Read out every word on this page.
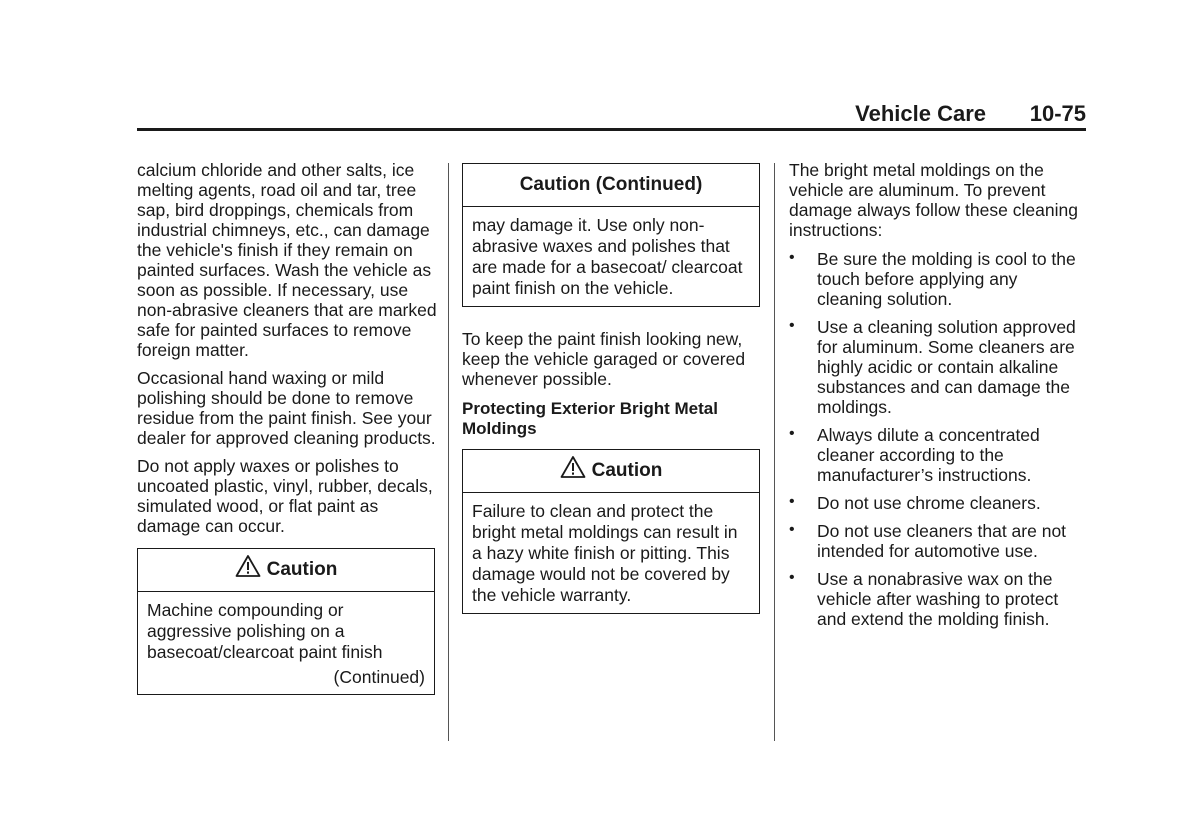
Vehicle Care 10-75

calcium chloride and other salts, ice melting agents, road oil and tar, tree sap, bird droppings, chemicals from industrial chimneys, etc., can damage the vehicle's finish if they remain on painted surfaces. Wash the vehicle as soon as possible. If necessary, use non-abrasive cleaners that are marked safe for painted surfaces to remove foreign matter.

Occasional hand waxing or mild polishing should be done to remove residue from the paint finish. See your dealer for approved cleaning products.

Do not apply waxes or polishes to uncoated plastic, vinyl, rubber, decals, simulated wood, or flat paint as damage can occur.

Caution
Machine compounding or aggressive polishing on a basecoat/clearcoat paint finish
(Continued)
Caution (Continued)
may damage it. Use only non-abrasive waxes and polishes that are made for a basecoat/ clearcoat paint finish on the vehicle.

To keep the paint finish looking new, keep the vehicle garaged or covered whenever possible.

Protecting Exterior Bright Metal Moldings
Caution
Failure to clean and protect the bright metal moldings can result in a hazy white finish or pitting. This damage would not be covered by the vehicle warranty.

The bright metal moldings on the vehicle are aluminum. To prevent damage always follow these cleaning instructions:

• Be sure the molding is cool to the touch before applying any cleaning solution.
• Use a cleaning solution approved for aluminum. Some cleaners are highly acidic or contain alkaline substances and can damage the moldings.
• Always dilute a concentrated cleaner according to the manufacturer’s instructions.
• Do not use chrome cleaners.
• Do not use cleaners that are not intended for automotive use.
• Use a nonabrasive wax on the vehicle after washing to protect and extend the molding finish.
